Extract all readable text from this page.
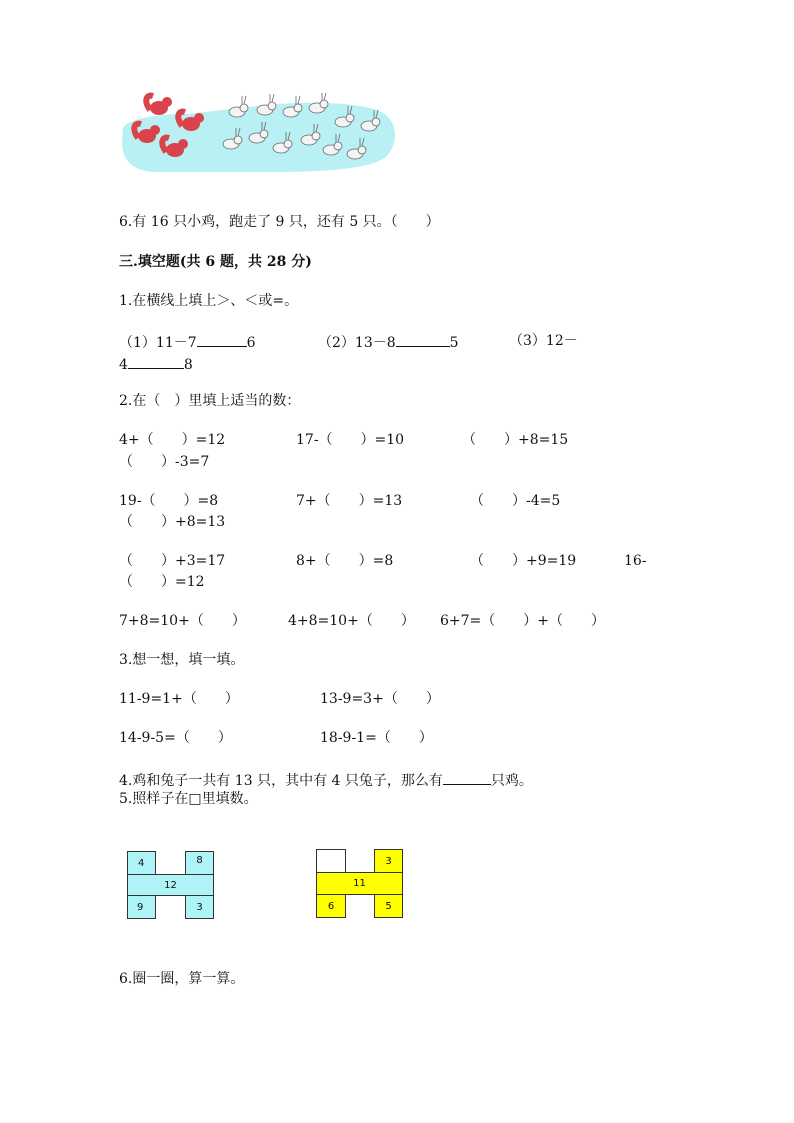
6.有 16 只小鸡，跑走了 9 只，还有 5 只。（　　）
三.填空题(共 6 题，共 28 分)
1.在横线上填上＞、＜或=。
（1）11－7	6	（2）13－8	5	（3）12－
4	8
2.在（　）里填上适当的数：
4+（　　）=12	17-（　　）=10	（　　）+8=15
（　　）-3=7
19-（　　）=8	7+（　　）=13	（　　）-4=5
（　　）+8=13
（　　）+3=17	8+（　　）=8	（　　）+9=19	16-
（　　）=12
7+8=10+（　　）	4+8=10+（　　） 6+7=（　　）+（　　）
3.想一想，填一填。
11-9=1+（　　）	13-9=3+（　　）
14-9-5=（　　）	18-9-1=（　　）
4.鸡和兔子一共有 13 只，其中有 4 只兔子，那么有	只鸡。
5.照样子在□里填数。
4	8
12
9	3
3
11
6	5
6.圈一圈，算一算。
